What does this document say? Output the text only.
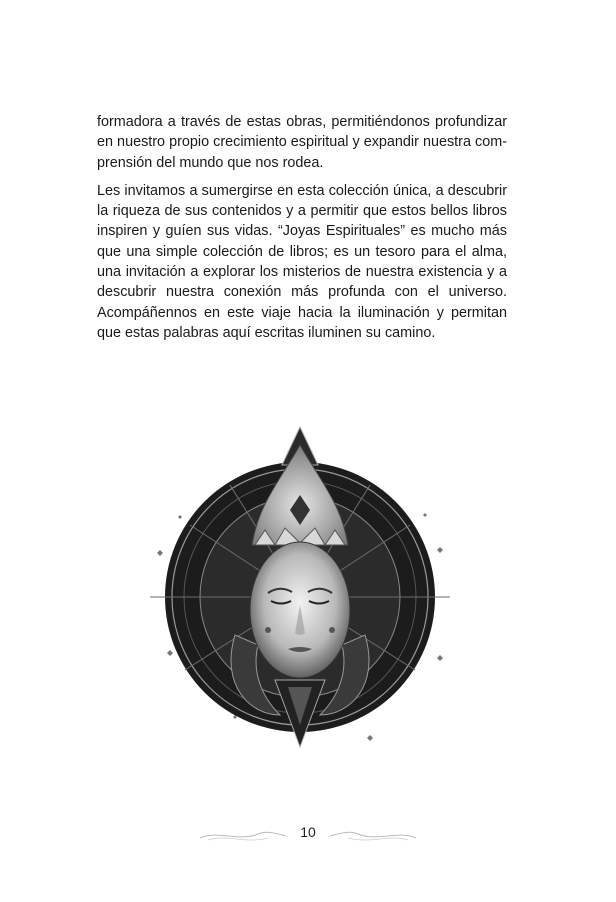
formadora a través de estas obras, permitiéndonos profundizar en nuestro propio crecimiento espiritual y expandir nuestra comprensión del mundo que nos rodea.

Les invitamos a sumergirse en esta colección única, a descubrir la riqueza de sus contenidos y a permitir que estos bellos libros inspiren y guíen sus vidas. “Joyas Espirituales” es mucho más que una simple colección de libros; es un tesoro para el alma, una invitación a explorar los misterios de nuestra existencia y a descubrir nuestra conexión más profunda con el universo. Acompáñennos en este viaje hacia la iluminación y permitan que estas palabras aquí escritas iluminen su camino.

10
